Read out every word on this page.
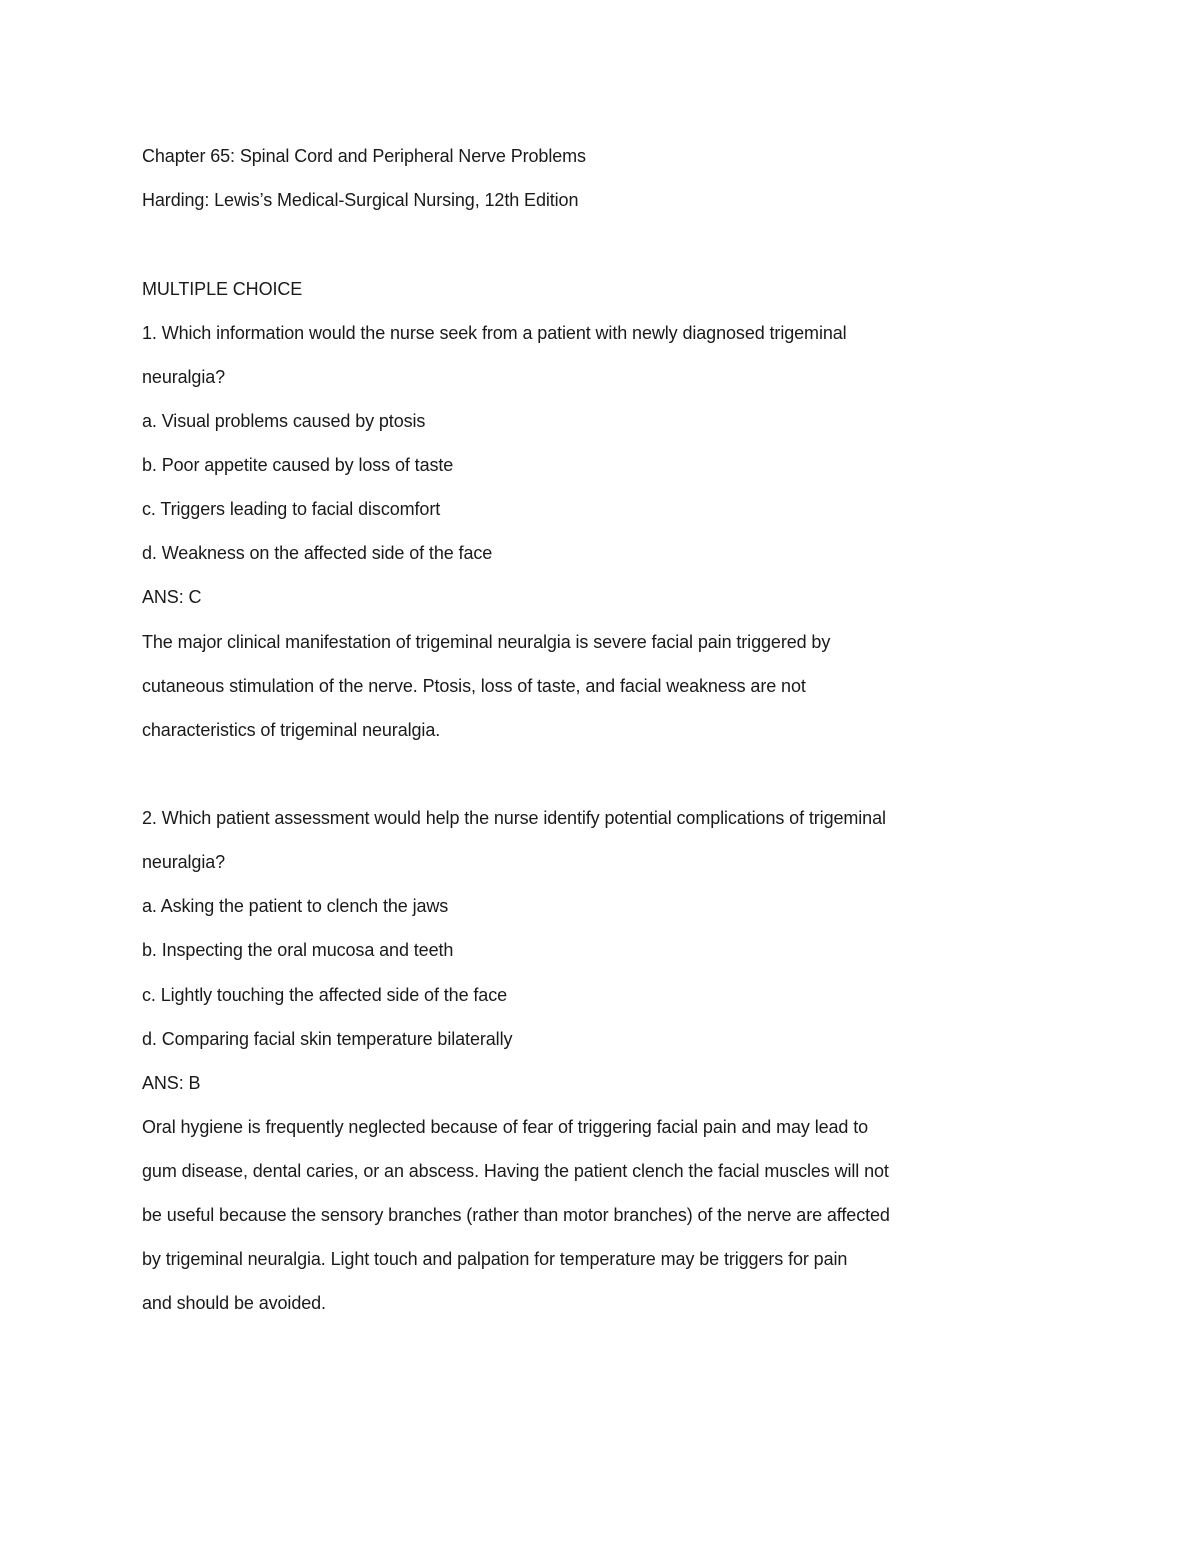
Chapter 65: Spinal Cord and Peripheral Nerve Problems
Harding: Lewis’s Medical-Surgical Nursing, 12th Edition
MULTIPLE CHOICE
1. Which information would the nurse seek from a patient with newly diagnosed trigeminal
neuralgia?
a. Visual problems caused by ptosis
b. Poor appetite caused by loss of taste
c. Triggers leading to facial discomfort
d. Weakness on the affected side of the face
ANS: C
The major clinical manifestation of trigeminal neuralgia is severe facial pain triggered by
cutaneous stimulation of the nerve. Ptosis, loss of taste, and facial weakness are not
characteristics of trigeminal neuralgia.
2. Which patient assessment would help the nurse identify potential complications of trigeminal
neuralgia?
a. Asking the patient to clench the jaws
b. Inspecting the oral mucosa and teeth
c. Lightly touching the affected side of the face
d. Comparing facial skin temperature bilaterally
ANS: B
Oral hygiene is frequently neglected because of fear of triggering facial pain and may lead to
gum disease, dental caries, or an abscess. Having the patient clench the facial muscles will not
be useful because the sensory branches (rather than motor branches) of the nerve are affected
by trigeminal neuralgia. Light touch and palpation for temperature may be triggers for pain
and should be avoided.
